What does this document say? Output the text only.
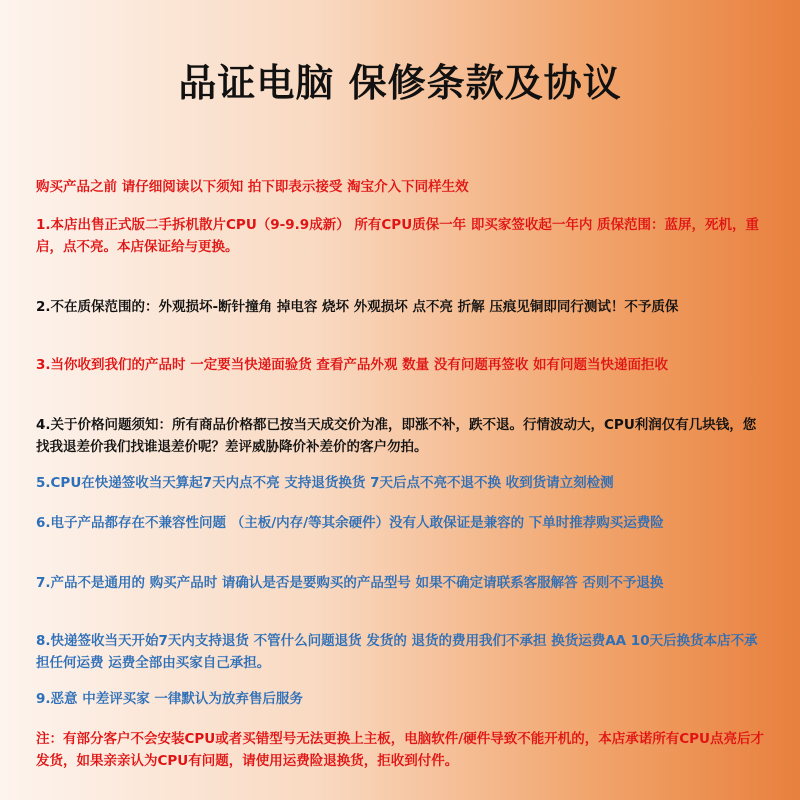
品证电脑 保修条款及协议
购买产品之前 请仔细阅读以下须知 拍下即表示接受 淘宝介入下同样生效
1.本店出售正式版二手拆机散片CPU（9-9.9成新） 所有CPU质保一年 即买家签收起一年内 质保范围：蓝屏，死机，重启，点不亮。本店保证给与更换。
2.不在质保范围的：外观损坏-断针撞角 掉电容 烧坏 外观损坏 点不亮 折解 压痕见铜即同行测试！不予质保
3.当你收到我们的产品时 一定要当快递面验货 查看产品外观 数量 没有问题再签收 如有问题当快递面拒收
4.关于价格问题须知：所有商品价格都已按当天成交价为准，即涨不补，跌不退。行情波动大，CPU利润仅有几块钱，您找我退差价我们找谁退差价呢？差评威胁降价补差价的客户勿拍。
5.CPU在快递签收当天算起7天内点不亮 支持退货换货 7天后点不亮不退不换 收到货请立刻检测
6.电子产品都存在不兼容性问题 （主板/内存/等其余硬件）没有人敢保证是兼容的 下单时推荐购买运费险
7.产品不是通用的 购买产品时 请确认是否是要购买的产品型号 如果不确定请联系客服解答 否则不予退换
8.快递签收当天开始7天内支持退货 不管什么问题退货 发货的 退货的费用我们不承担 换货运费AA 10天后换货本店不承担任何运费 运费全部由买家自己承担。
9.恶意 中差评买家 一律默认为放弃售后服务
注：有部分客户不会安装CPU或者买错型号无法更换上主板，电脑软件/硬件导致不能开机的，本店承诺所有CPU点亮后才发货，如果亲亲认为CPU有问题，请使用运费险退换货，拒收到付件。
